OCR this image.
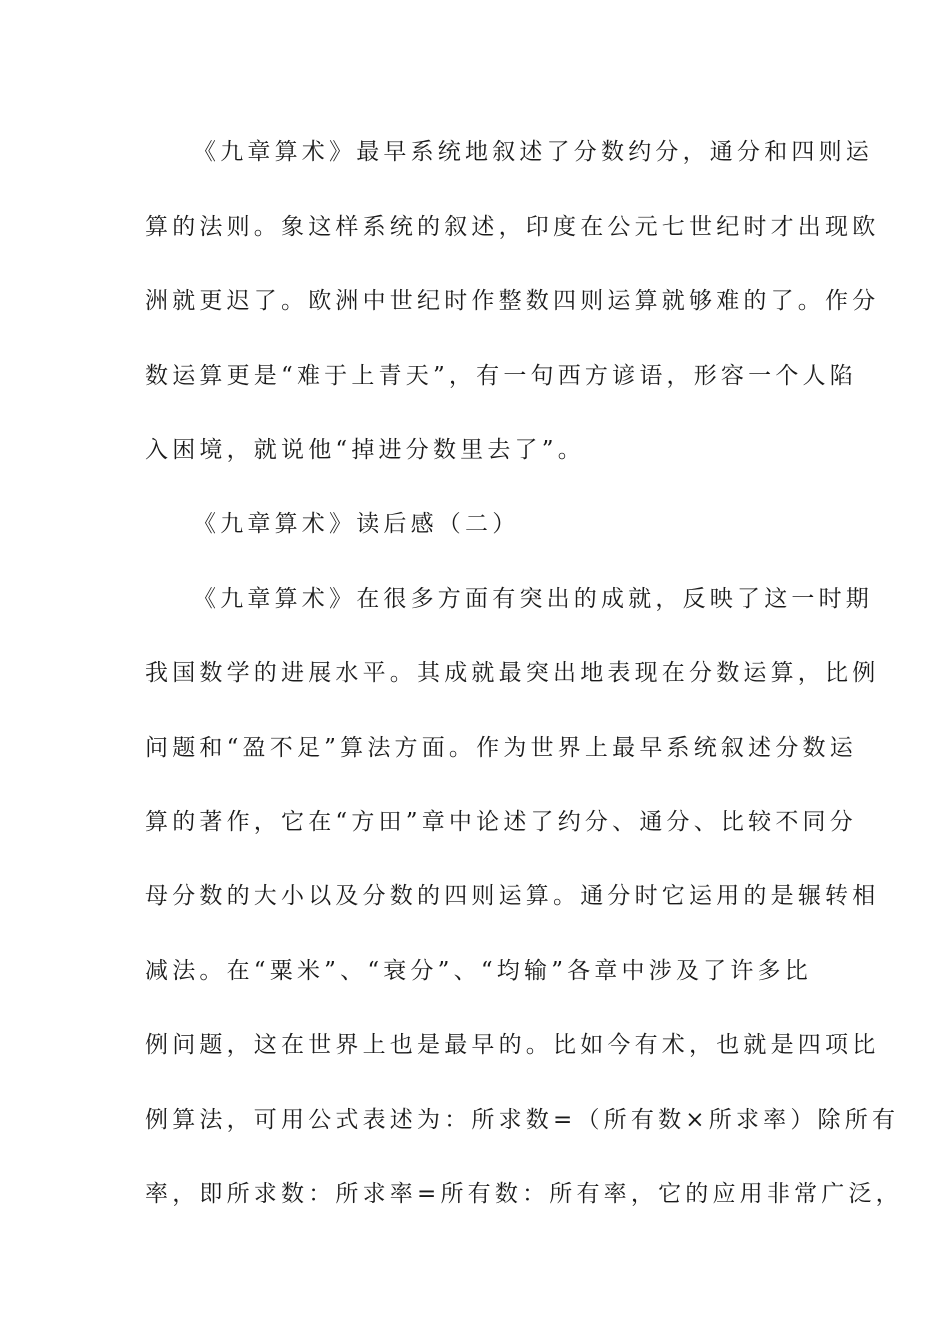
《九章算术》最早系统地叙述了分数约分，通分和四则运
算的法则。象这样系统的叙述，印度在公元七世纪时才出现欧
洲就更迟了。欧洲中世纪时作整数四则运算就够难的了。作分
数运算更是“难于上青天”，有一句西方谚语，形容一个人陷
入困境，就说他“掉进分数里去了”。
《九章算术》读后感（二）
《九章算术》在很多方面有突出的成就，反映了这一时期
我国数学的进展水平。其成就最突出地表现在分数运算，比例
问题和“盈不足”算法方面。作为世界上最早系统叙述分数运
算的著作，它在“方田”章中论述了约分、通分、比较不同分
母分数的大小以及分数的四则运算。通分时它运用的是辗转相
减法。在“粟米”、“衰分”、“均输”各章中涉及了许多比
例问题，这在世界上也是最早的。比如今有术，也就是四项比
例算法，可用公式表述为：所求数=（所有数×所求率）除所有
率，即所求数：所求率=所有数：所有率，它的应用非常广泛，
